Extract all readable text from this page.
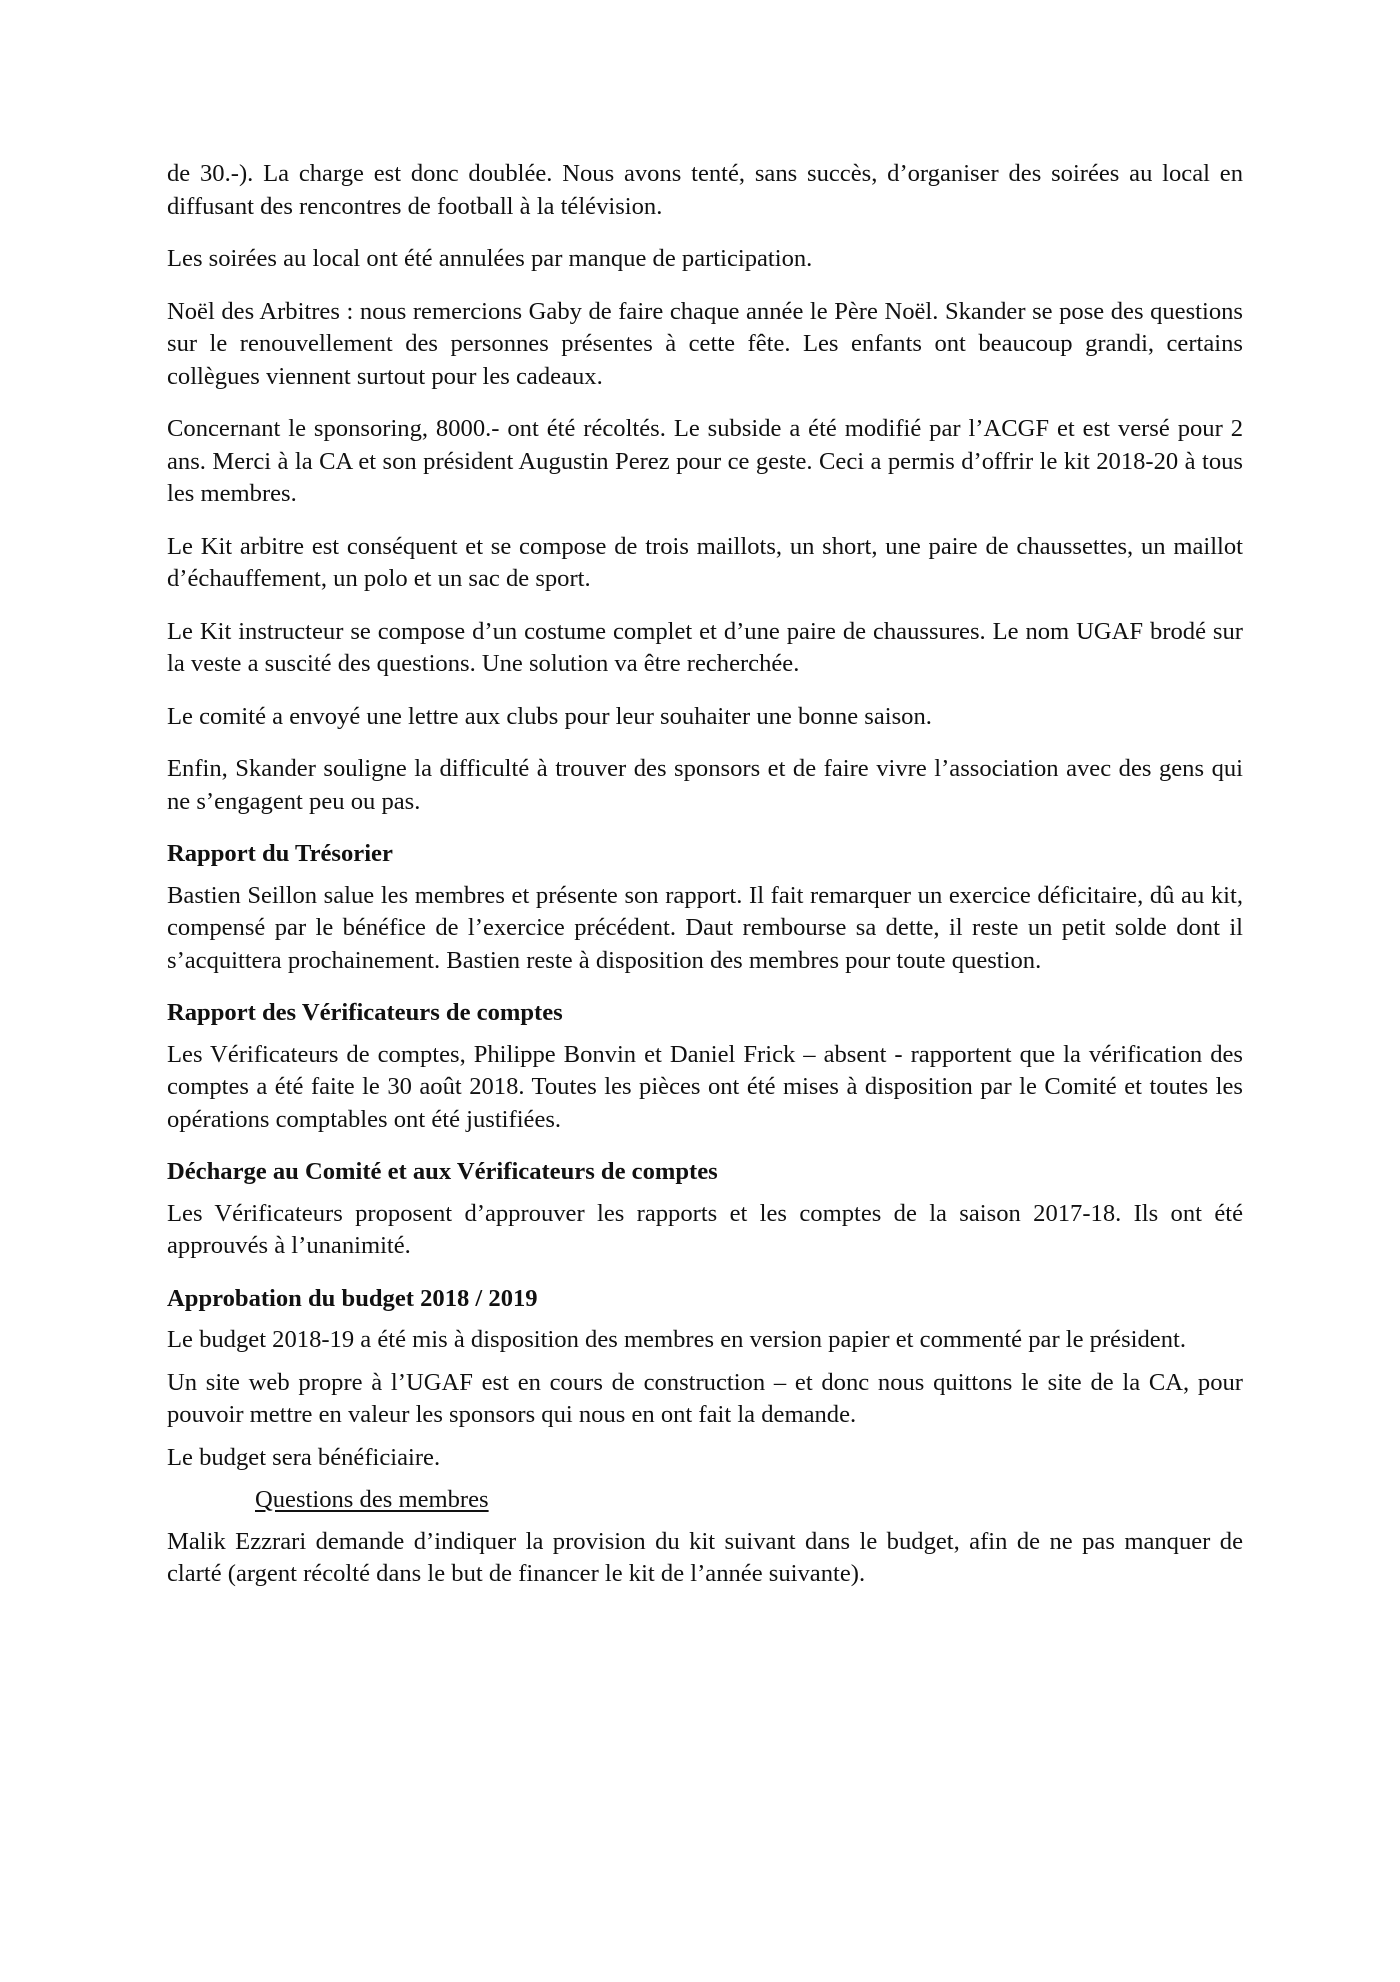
de 30.-). La charge est donc doublée. Nous avons tenté, sans succès, d’organiser des soirées au local en diffusant des rencontres de football à la télévision.

Les soirées au local ont été annulées par manque de participation.

Noël des Arbitres : nous remercions Gaby de faire chaque année le Père Noël. Skander se pose des questions sur le renouvellement des personnes présentes à cette fête. Les enfants ont beaucoup grandi, certains collègues viennent surtout pour les cadeaux.

Concernant le sponsoring, 8000.- ont été récoltés. Le subside a été modifié par l’ACGF et est versé pour 2 ans. Merci à la CA et son président Augustin Perez pour ce geste. Ceci a permis d’offrir le kit 2018-20 à tous les membres.

Le Kit arbitre est conséquent et se compose de trois maillots, un short, une paire de chaussettes, un maillot d’échauffement, un polo et un sac de sport.

Le Kit instructeur se compose d’un costume complet et d’une paire de chaussures. Le nom UGAF brodé sur la veste a suscité des questions. Une solution va être recherchée.

Le comité a envoyé une lettre aux clubs pour leur souhaiter une bonne saison.

Enfin, Skander souligne la difficulté à trouver des sponsors et de faire vivre l’association avec des gens qui ne s’engagent peu ou pas.

Rapport du Trésorier

Bastien Seillon salue les membres et présente son rapport. Il fait remarquer un exercice déficitaire, dû au kit, compensé par le bénéfice de l’exercice précédent. Daut rembourse sa dette, il reste un petit solde dont il s’acquittera prochainement. Bastien reste à disposition des membres pour toute question.

Rapport des Vérificateurs de comptes

Les Vérificateurs de comptes, Philippe Bonvin et Daniel Frick – absent - rapportent que la vérification des comptes a été faite le 30 août 2018. Toutes les pièces ont été mises à disposition par le Comité et toutes les opérations comptables ont été justifiées.

Décharge au Comité et aux Vérificateurs de comptes

Les Vérificateurs proposent d’approuver les rapports et les comptes de la saison 2017-18. Ils ont été approuvés à l’unanimité.

Approbation du budget 2018 / 2019

Le budget 2018-19 a été mis à disposition des membres en version papier et commenté par le président.

Un site web propre à l’UGAF est en cours de construction – et donc nous quittons le site de la CA, pour pouvoir mettre en valeur les sponsors qui nous en ont fait la demande.

Le budget sera bénéficiaire.

Questions des membres

Malik Ezzrari demande d’indiquer la provision du kit suivant dans le budget, afin de ne pas manquer de clarté (argent récolté dans le but de financer le kit de l’année suivante).
